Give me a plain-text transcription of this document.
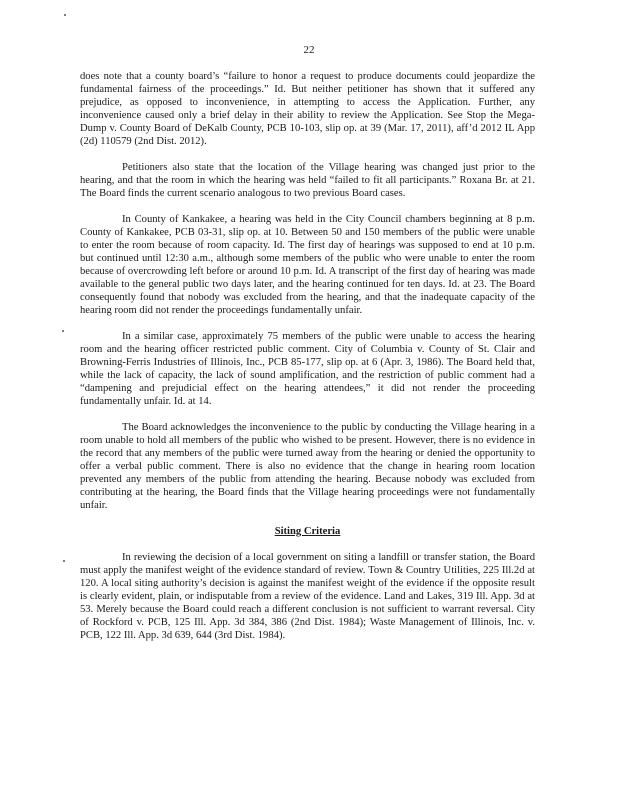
22

does note that a county board’s “failure to honor a request to produce documents could jeopardize the fundamental fairness of the proceedings.” Id. But neither petitioner has shown that it suffered any prejudice, as opposed to inconvenience, in attempting to access the Application. Further, any inconvenience caused only a brief delay in their ability to review the Application. See Stop the Mega-Dump v. County Board of DeKalb County, PCB 10-103, slip op. at 39 (Mar. 17, 2011), aff’d 2012 IL App (2d) 110579 (2nd Dist. 2012).

Petitioners also state that the location of the Village hearing was changed just prior to the hearing, and that the room in which the hearing was held “failed to fit all participants.” Roxana Br. at 21. The Board finds the current scenario analogous to two previous Board cases.

In County of Kankakee, a hearing was held in the City Council chambers beginning at 8 p.m. County of Kankakee, PCB 03-31, slip op. at 10. Between 50 and 150 members of the public were unable to enter the room because of room capacity. Id. The first day of hearings was supposed to end at 10 p.m. but continued until 12:30 a.m., although some members of the public who were unable to enter the room because of overcrowding left before or around 10 p.m. Id. A transcript of the first day of hearing was made available to the general public two days later, and the hearing continued for ten days. Id. at 23. The Board consequently found that nobody was excluded from the hearing, and that the inadequate capacity of the hearing room did not render the proceedings fundamentally unfair.

In a similar case, approximately 75 members of the public were unable to access the hearing room and the hearing officer restricted public comment. City of Columbia v. County of St. Clair and Browning-Ferris Industries of Illinois, Inc., PCB 85-177, slip op. at 6 (Apr. 3, 1986). The Board held that, while the lack of capacity, the lack of sound amplification, and the restriction of public comment had a “dampening and prejudicial effect on the hearing attendees,” it did not render the proceeding fundamentally unfair. Id. at 14.

The Board acknowledges the inconvenience to the public by conducting the Village hearing in a room unable to hold all members of the public who wished to be present. However, there is no evidence in the record that any members of the public were turned away from the hearing or denied the opportunity to offer a verbal public comment. There is also no evidence that the change in hearing room location prevented any members of the public from attending the hearing. Because nobody was excluded from contributing at the hearing, the Board finds that the Village hearing proceedings were not fundamentally unfair.

Siting Criteria

In reviewing the decision of a local government on siting a landfill or transfer station, the Board must apply the manifest weight of the evidence standard of review. Town & Country Utilities, 225 Ill.2d at 120. A local siting authority’s decision is against the manifest weight of the evidence if the opposite result is clearly evident, plain, or indisputable from a review of the evidence. Land and Lakes, 319 Ill. App. 3d at 53. Merely because the Board could reach a different conclusion is not sufficient to warrant reversal. City of Rockford v. PCB, 125 Ill. App. 3d 384, 386 (2nd Dist. 1984); Waste Management of Illinois, Inc. v. PCB, 122 Ill. App. 3d 639, 644 (3rd Dist. 1984).
